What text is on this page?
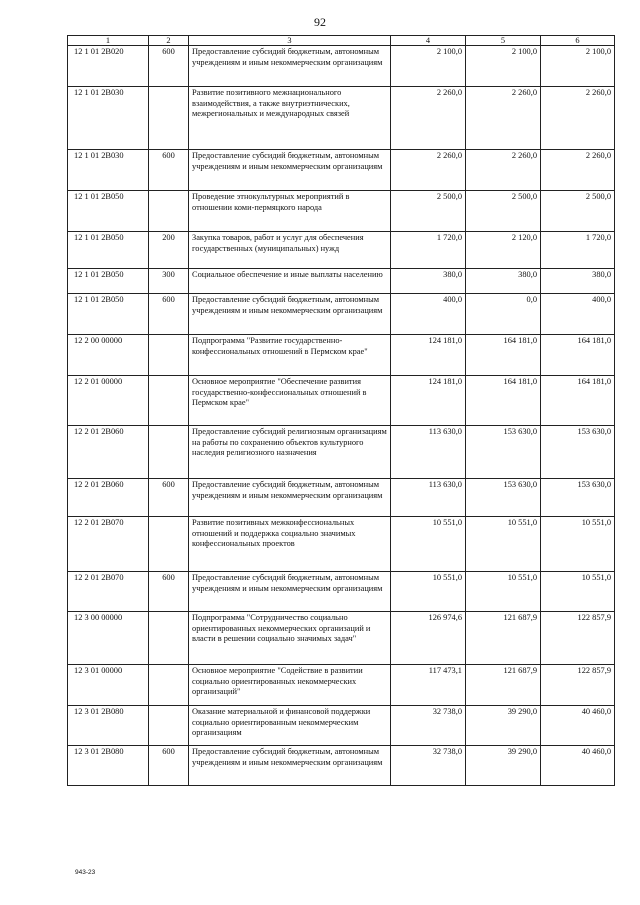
92
1	2	3	4	5	6
12 1 01 2B020	600	Предоставление субсидий бюджетным, автономным учреждениям и иным некоммерческим организациям	2 100,0	2 100,0	2 100,0
12 1 01 2B030		Развитие позитивного межнационального взаимодействия, а также внутриэтнических, межрегиональных и международных связей	2 260,0	2 260,0	2 260,0
12 1 01 2B030	600	Предоставление субсидий бюджетным, автономным учреждениям и иным некоммерческим организациям	2 260,0	2 260,0	2 260,0
12 1 01 2B050		Проведение этнокультурных мероприятий в отношении коми-пермяцкого народа	2 500,0	2 500,0	2 500,0
12 1 01 2B050	200	Закупка товаров, работ и услуг для обеспечения государственных (муниципальных) нужд	1 720,0	2 120,0	1 720,0
12 1 01 2B050	300	Социальное обеспечение и иные выплаты населению	380,0	380,0	380,0
12 1 01 2B050	600	Предоставление субсидий бюджетным, автономным учреждениям и иным некоммерческим организациям	400,0	0,0	400,0
12 2 00 00000		Подпрограмма "Развитие государственно-конфессиональных отношений в Пермском крае"	124 181,0	164 181,0	164 181,0
12 2 01 00000		Основное мероприятие "Обеспечение развития государственно-конфессиональных отношений в Пермском крае"	124 181,0	164 181,0	164 181,0
12 2 01 2B060		Предоставление субсидий религиозным организациям на работы по сохранению объектов культурного наследия религиозного назначения	113 630,0	153 630,0	153 630,0
12 2 01 2B060	600	Предоставление субсидий бюджетным, автономным учреждениям и иным некоммерческим организациям	113 630,0	153 630,0	153 630,0
12 2 01 2B070		Развитие позитивных межконфессиональных отношений и поддержка социально значимых конфессиональных проектов	10 551,0	10 551,0	10 551,0
12 2 01 2B070	600	Предоставление субсидий бюджетным, автономным учреждениям и иным некоммерческим организациям	10 551,0	10 551,0	10 551,0
12 3 00 00000		Подпрограмма "Сотрудничество социально ориентированных некоммерческих организаций и власти в решении социально значимых задач"	126 974,6	121 687,9	122 857,9
12 3 01 00000		Основное мероприятие "Содействие в развитии социально ориентированных некоммерческих организаций"	117 473,1	121 687,9	122 857,9
12 3 01 2B080		Оказание материальной и финансовой поддержки социально ориентированным некоммерческим организациям	32 738,0	39 290,0	40 460,0
12 3 01 2B080	600	Предоставление субсидий бюджетным, автономным учреждениям и иным некоммерческим организациям	32 738,0	39 290,0	40 460,0
943-23
